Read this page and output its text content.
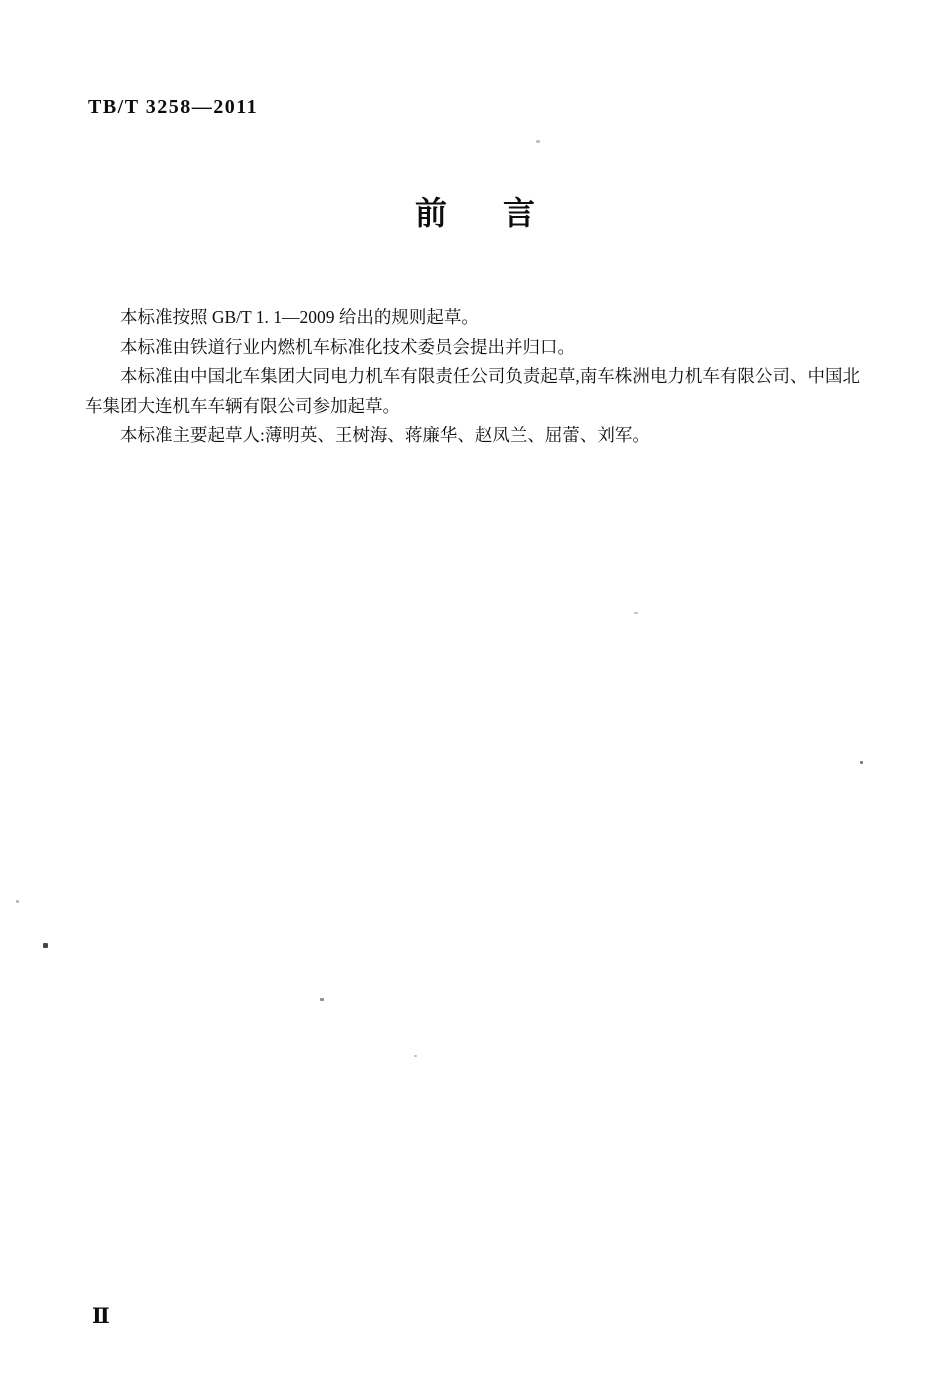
TB/T 3258—2011
前 言

本标准按照 GB/T 1. 1—2009 给出的规则起草。

本标准由铁道行业内燃机车标准化技术委员会提出并归口。

本标准由中国北车集团大同电力机车有限责任公司负责起草,南车株洲电力机车有限公司、中国北车集团大连机车车辆有限公司参加起草。

本标准主要起草人:薄明英、王树海、蒋廉华、赵凤兰、屈蕾、刘军。

Ⅱ
